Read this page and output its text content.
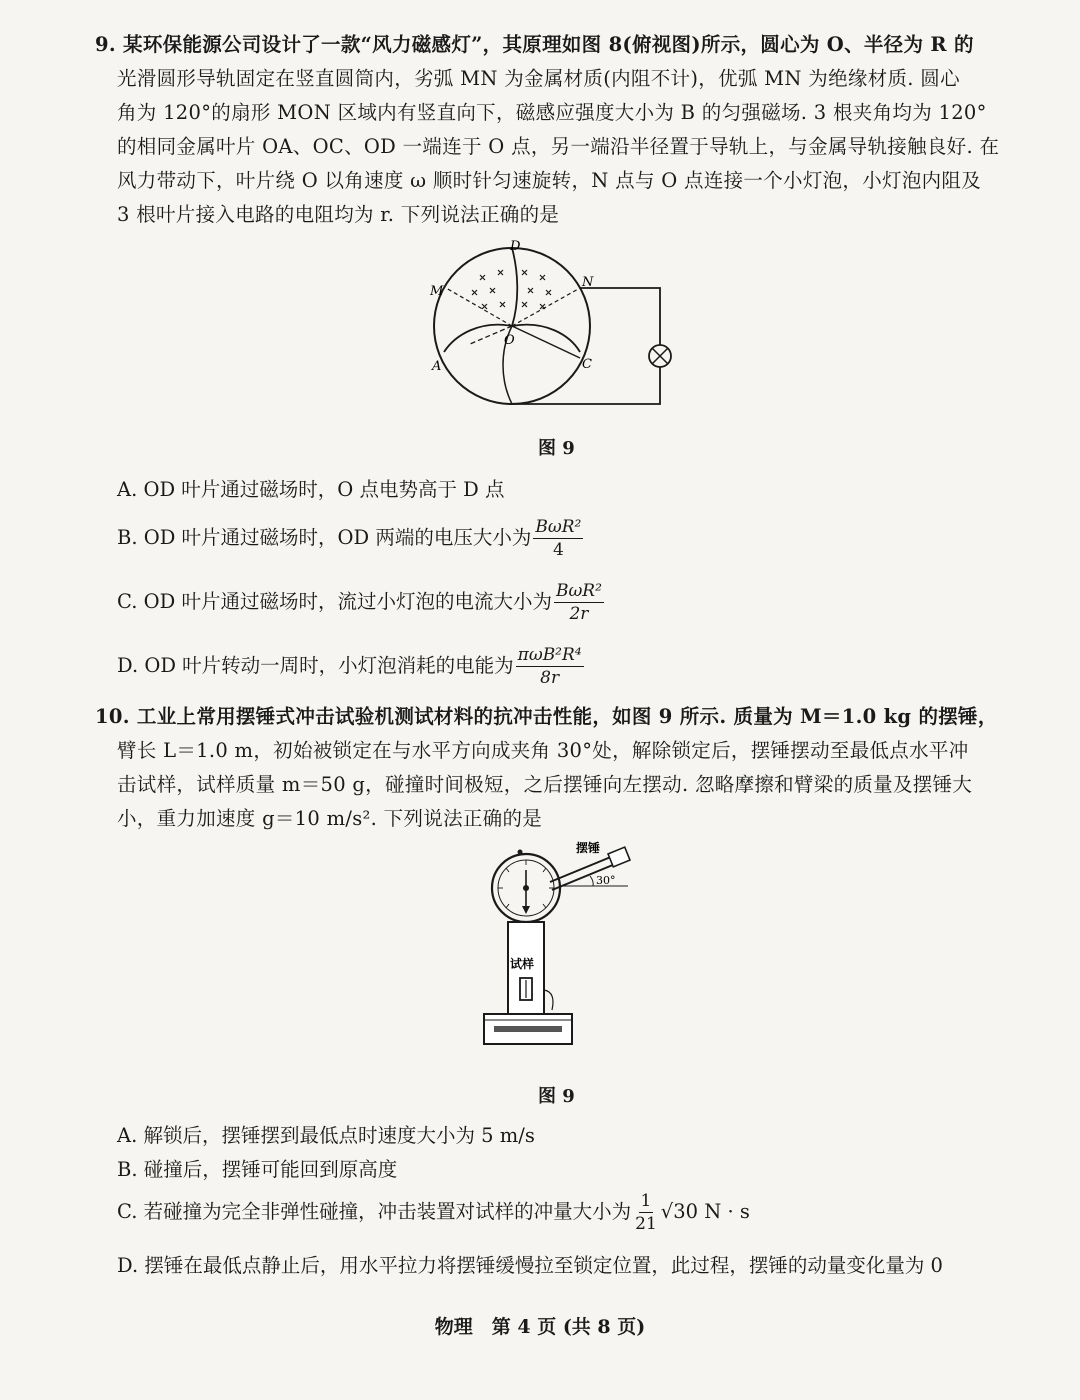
9. 某环保能源公司设计了一款“风力磁感灯”，其原理如图 8(俯视图)所示，圆心为 O、半径为 R 的
光滑圆形导轨固定在竖直圆筒内，劣弧 MN 为金属材质(内阻不计)，优弧 MN 为绝缘材质. 圆心
角为 120°的扇形 MON 区域内有竖直向下，磁感应强度大小为 B 的匀强磁场. 3 根夹角均为 120°
的相同金属叶片 OA、OC、OD 一端连于 O 点，另一端沿半径置于导轨上，与金属导轨接触良好. 在
风力带动下，叶片绕 O 以角速度 ω 顺时针匀速旋转，N 点与 O 点连接一个小灯泡，小灯泡内阻及
3 根叶片接入电路的电阻均为 r. 下列说法正确的是
D
M
N
O
A	C
图 9
A. OD 叶片通过磁场时，O 点电势高于 D 点
B. OD 叶片通过磁场时，OD 两端的电压大小为 $\frac{\text{BωR²}}{4}$
C. OD 叶片通过磁场时，流过小灯泡的电流大小为 $\frac{\text{BωR²}}{2r}$
D. OD 叶片转动一周时，小灯泡消耗的电能为 $\frac{\text{πωB²R⁴}}{8r}$
10. 工业上常用摆锤式冲击试验机测试材料的抗冲击性能，如图 9 所示. 质量为 M＝1.0 kg 的摆锤，
臂长 L＝1.0 m，初始被锁定在与水平方向成夹角 30°处，解除锁定后，摆锤摆动至最低点水平冲
击试样，试样质量 m＝50 g，碰撞时间极短，之后摆锤向左摆动. 忽略摩擦和臂梁的质量及摆锤大
小，重力加速度 g＝10 m/s². 下列说法正确的是
摆锤
30°
试样
图 9
A. 解锁后，摆锤摆到最低点时速度大小为 5 m/s
B. 碰撞后，摆锤可能回到原高度
C. 若碰撞为完全非弹性碰撞，冲击装置对试样的冲量大小为 $\frac{1}{21} √30$ N · s
D. 摆锤在最低点静止后，用水平拉力将摆锤缓慢拉至锁定位置，此过程，摆锤的动量变化量为 0
物理　第 4 页 (共 8 页)
